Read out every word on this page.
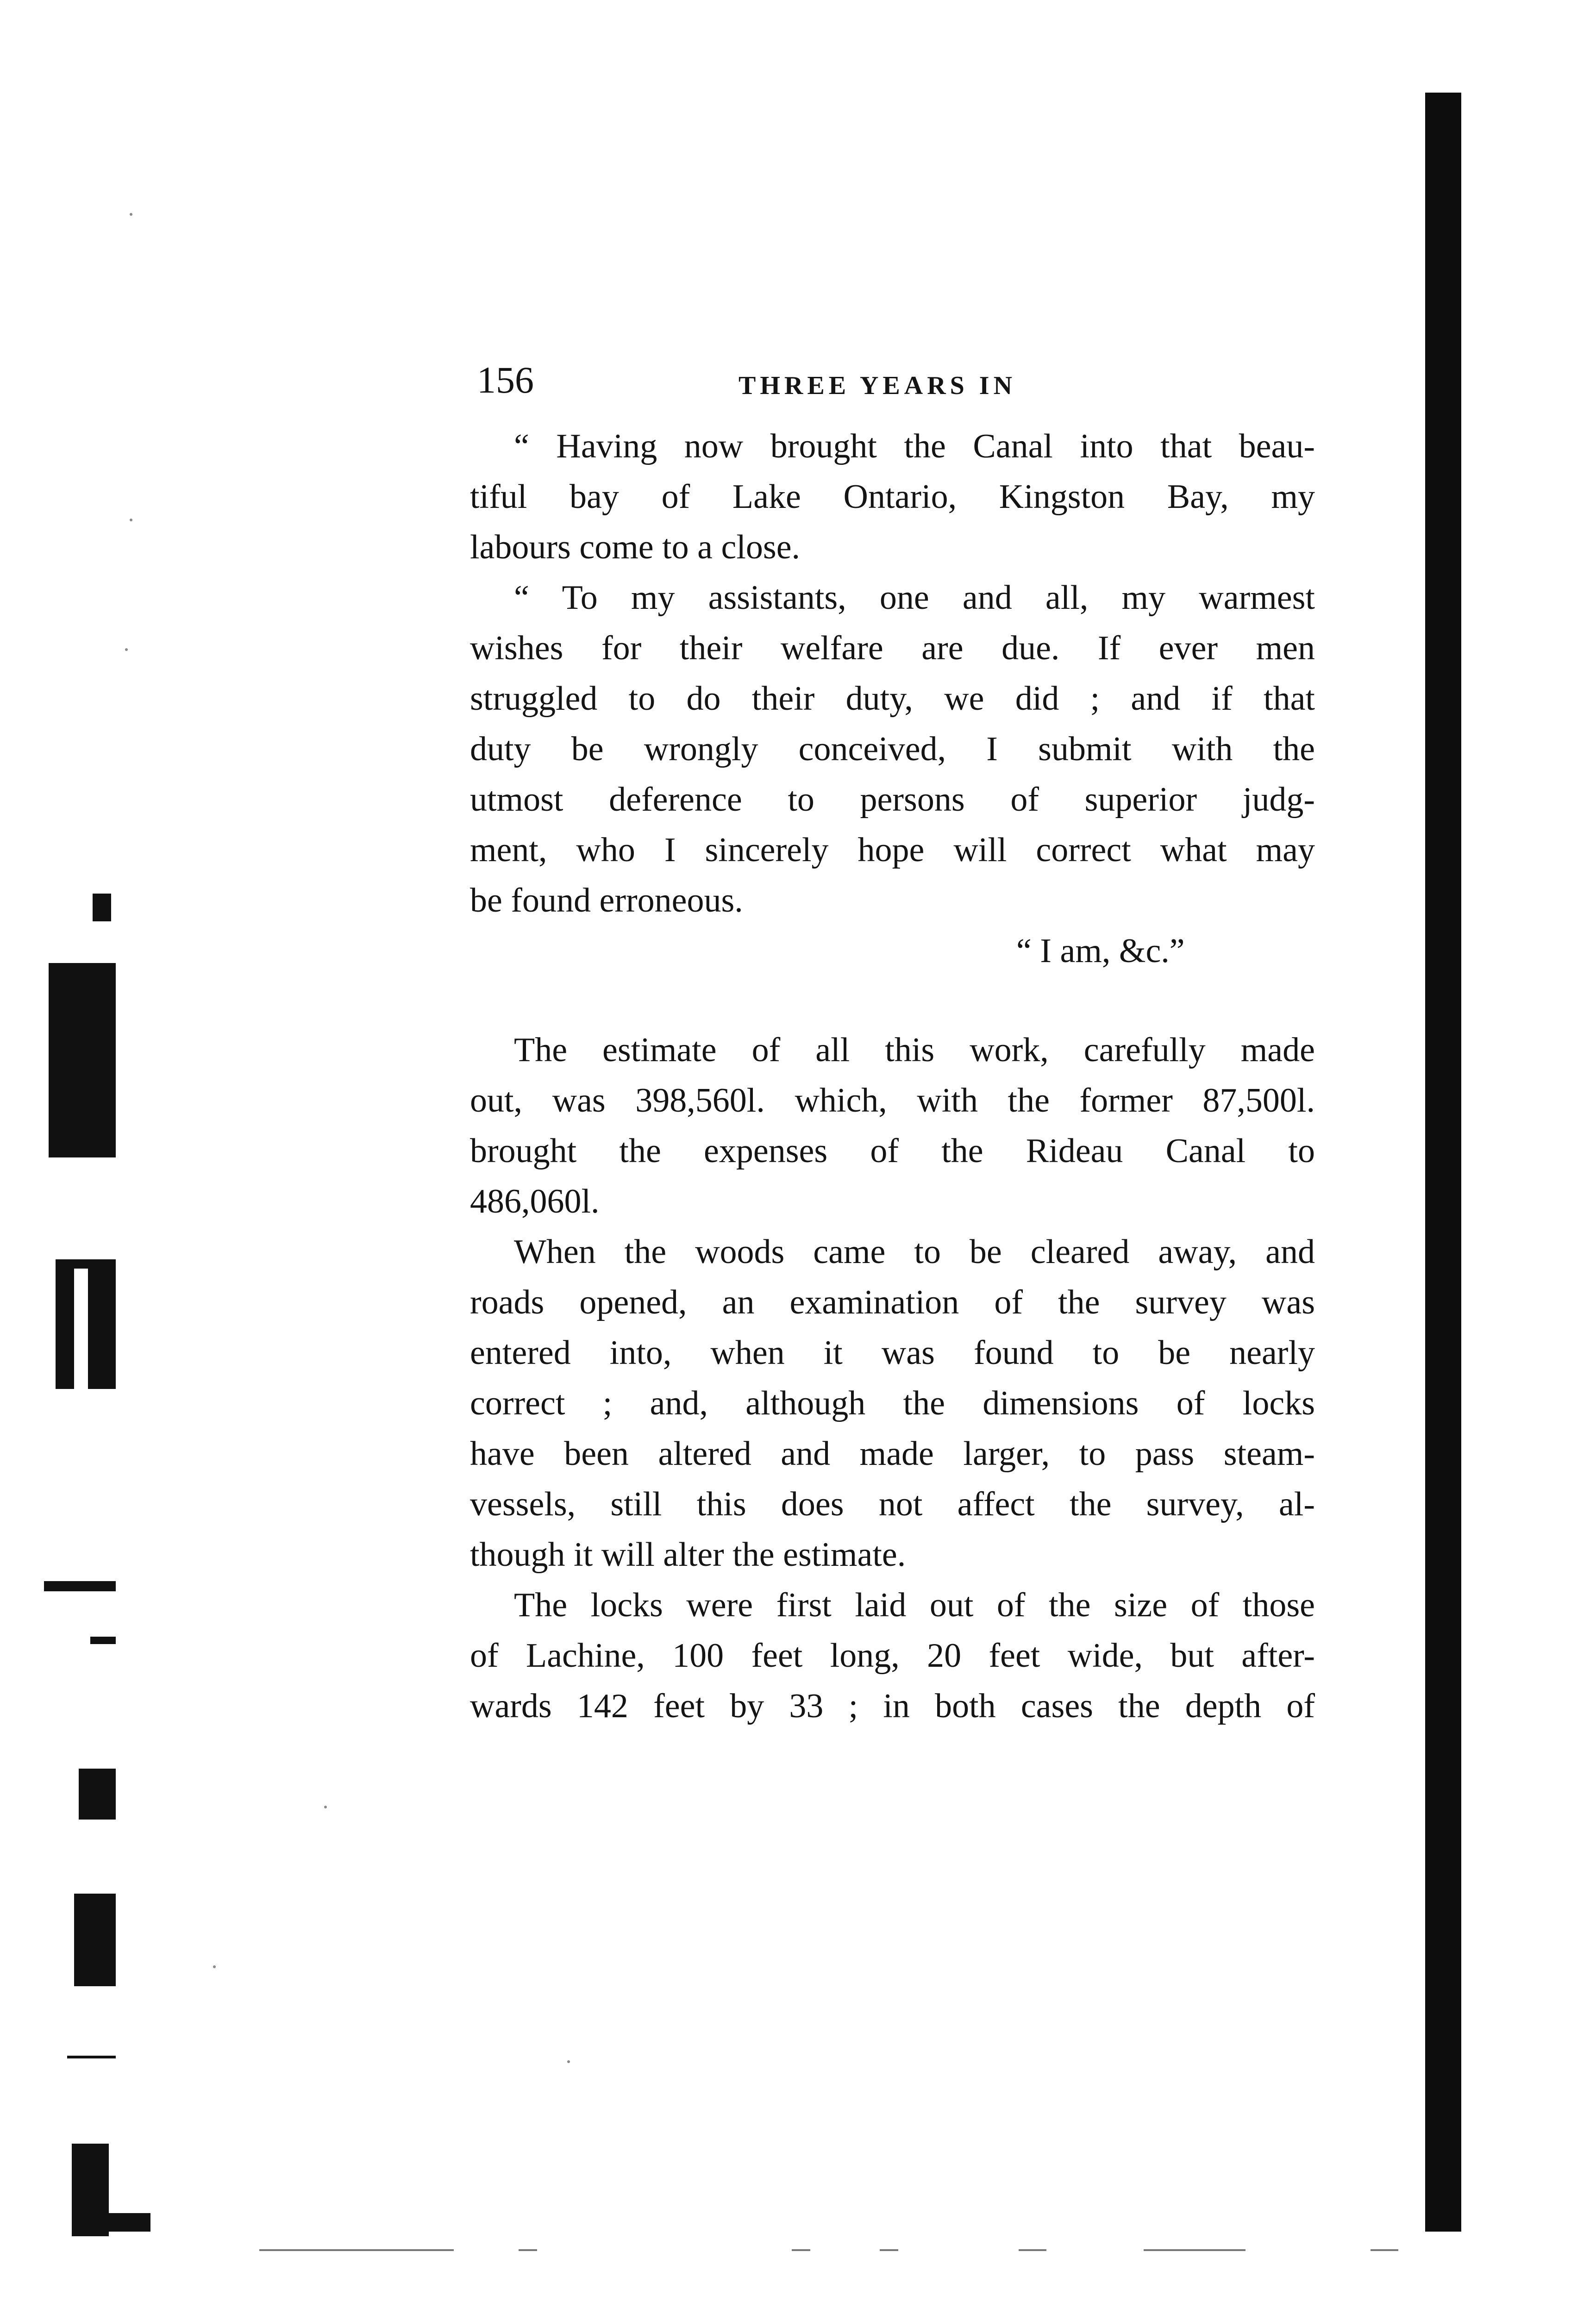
156	THREE YEARS IN
“ Having now brought the Canal into that beau-
tiful bay of Lake Ontario, Kingston Bay, my
labours come to a close.
“ To my assistants, one and all, my warmest
wishes for their welfare are due. If ever men
struggled to do their duty, we did ; and if that
duty be wrongly conceived, I submit with the
utmost deference to persons of superior judg-
ment, who I sincerely hope will correct what may
be found erroneous.
“ I am, &c.”
The estimate of all this work, carefully made
out, was 398,560l. which, with the former 87,500l.
brought the expenses of the Rideau Canal to
486,060l.
When the woods came to be cleared away, and
roads opened, an examination of the survey was
entered into, when it was found to be nearly
correct ; and, although the dimensions of locks
have been altered and made larger, to pass steam-
vessels, still this does not affect the survey, al-
though it will alter the estimate.
The locks were first laid out of the size of those
of Lachine, 100 feet long, 20 feet wide, but after-
wards 142 feet by 33 ; in both cases the depth of
